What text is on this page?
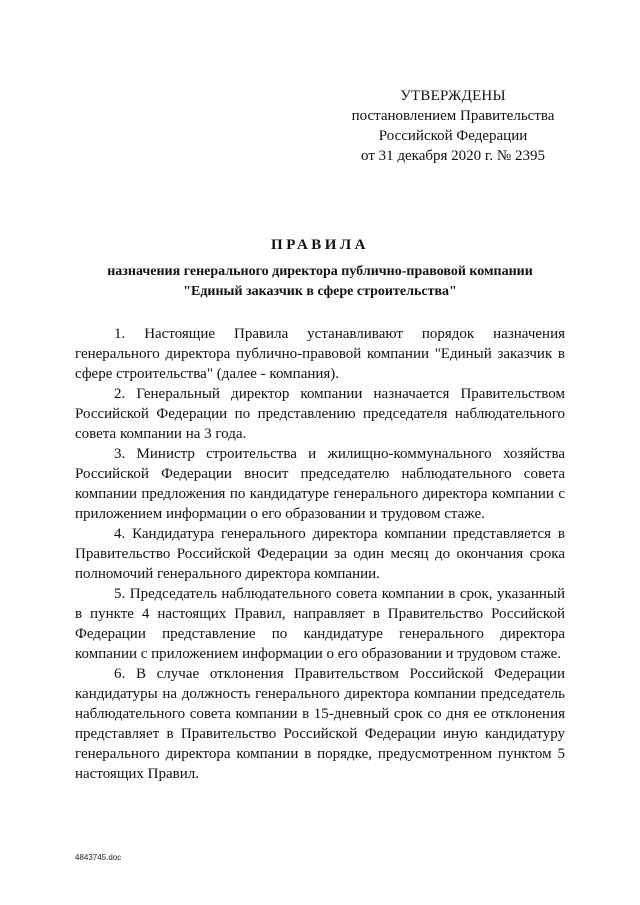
УТВЕРЖДЕНЫ
постановлением Правительства
Российской Федерации
от 31 декабря 2020 г. № 2395
ПРАВИЛА
назначения генерального директора публично-правовой компании
"Единый заказчик в сфере строительства"

1. Настоящие Правила устанавливают порядок назначения генерального директора публично-правовой компании "Единый заказчик в сфере строительства" (далее - компания).

2. Генеральный директор компании назначается Правительством Российской Федерации по представлению председателя наблюдательного совета компании на 3 года.

3. Министр строительства и жилищно-коммунального хозяйства Российской Федерации вносит председателю наблюдательного совета компании предложения по кандидатуре генерального директора компании с приложением информации о его образовании и трудовом стаже.

4. Кандидатура генерального директора компании представляется в Правительство Российской Федерации за один месяц до окончания срока полномочий генерального директора компании.

5. Председатель наблюдательного совета компании в срок, указанный в пункте 4 настоящих Правил, направляет в Правительство Российской Федерации представление по кандидатуре генерального директора компании с приложением информации о его образовании и трудовом стаже.

6. В случае отклонения Правительством Российской Федерации кандидатуры на должность генерального директора компании председатель наблюдательного совета компании в 15-дневный срок со дня ее отклонения представляет в Правительство Российской Федерации иную кандидатуру генерального директора компании в порядке, предусмотренном пунктом 5 настоящих Правил.

4843745.doc
